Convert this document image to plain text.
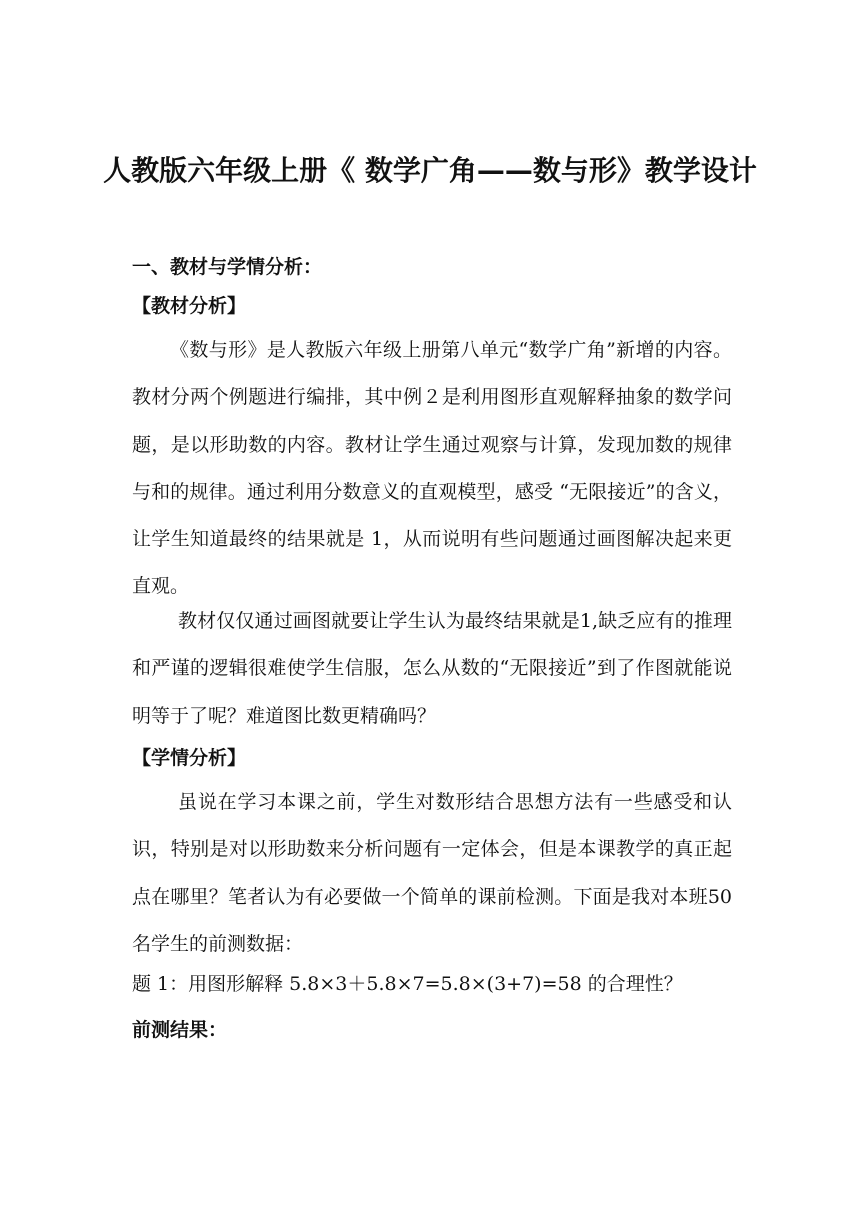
人教版六年级上册《 数学广角——数与形》教学设计
一、教材与学情分析：
【教材分析】
《数与形》是人教版六年级上册第八单元“数学广角”新增的内容。教材分两个例题进行编排，其中例２是利用图形直观解释抽象的数学问题，是以形助数的内容。教材让学生通过观察与计算，发现加数的规律与和的规律。通过利用分数意义的直观模型，感受 “无限接近”的含义，让学生知道最终的结果就是 1，从而说明有些问题通过画图解决起来更直观。
教材仅仅通过画图就要让学生认为最终结果就是1,缺乏应有的推理和严谨的逻辑很难使学生信服，怎么从数的“无限接近”到了作图就能说明等于了呢？难道图比数更精确吗？
【学情分析】
虽说在学习本课之前，学生对数形结合思想方法有一些感受和认识，特别是对以形助数来分析问题有一定体会，但是本课教学的真正起点在哪里？笔者认为有必要做一个简单的课前检测。下面是我对本班50名学生的前测数据：
题 1：用图形解释 5.8×3＋5.8×7=5.8×(3+7)=58 的合理性？
前测结果：
